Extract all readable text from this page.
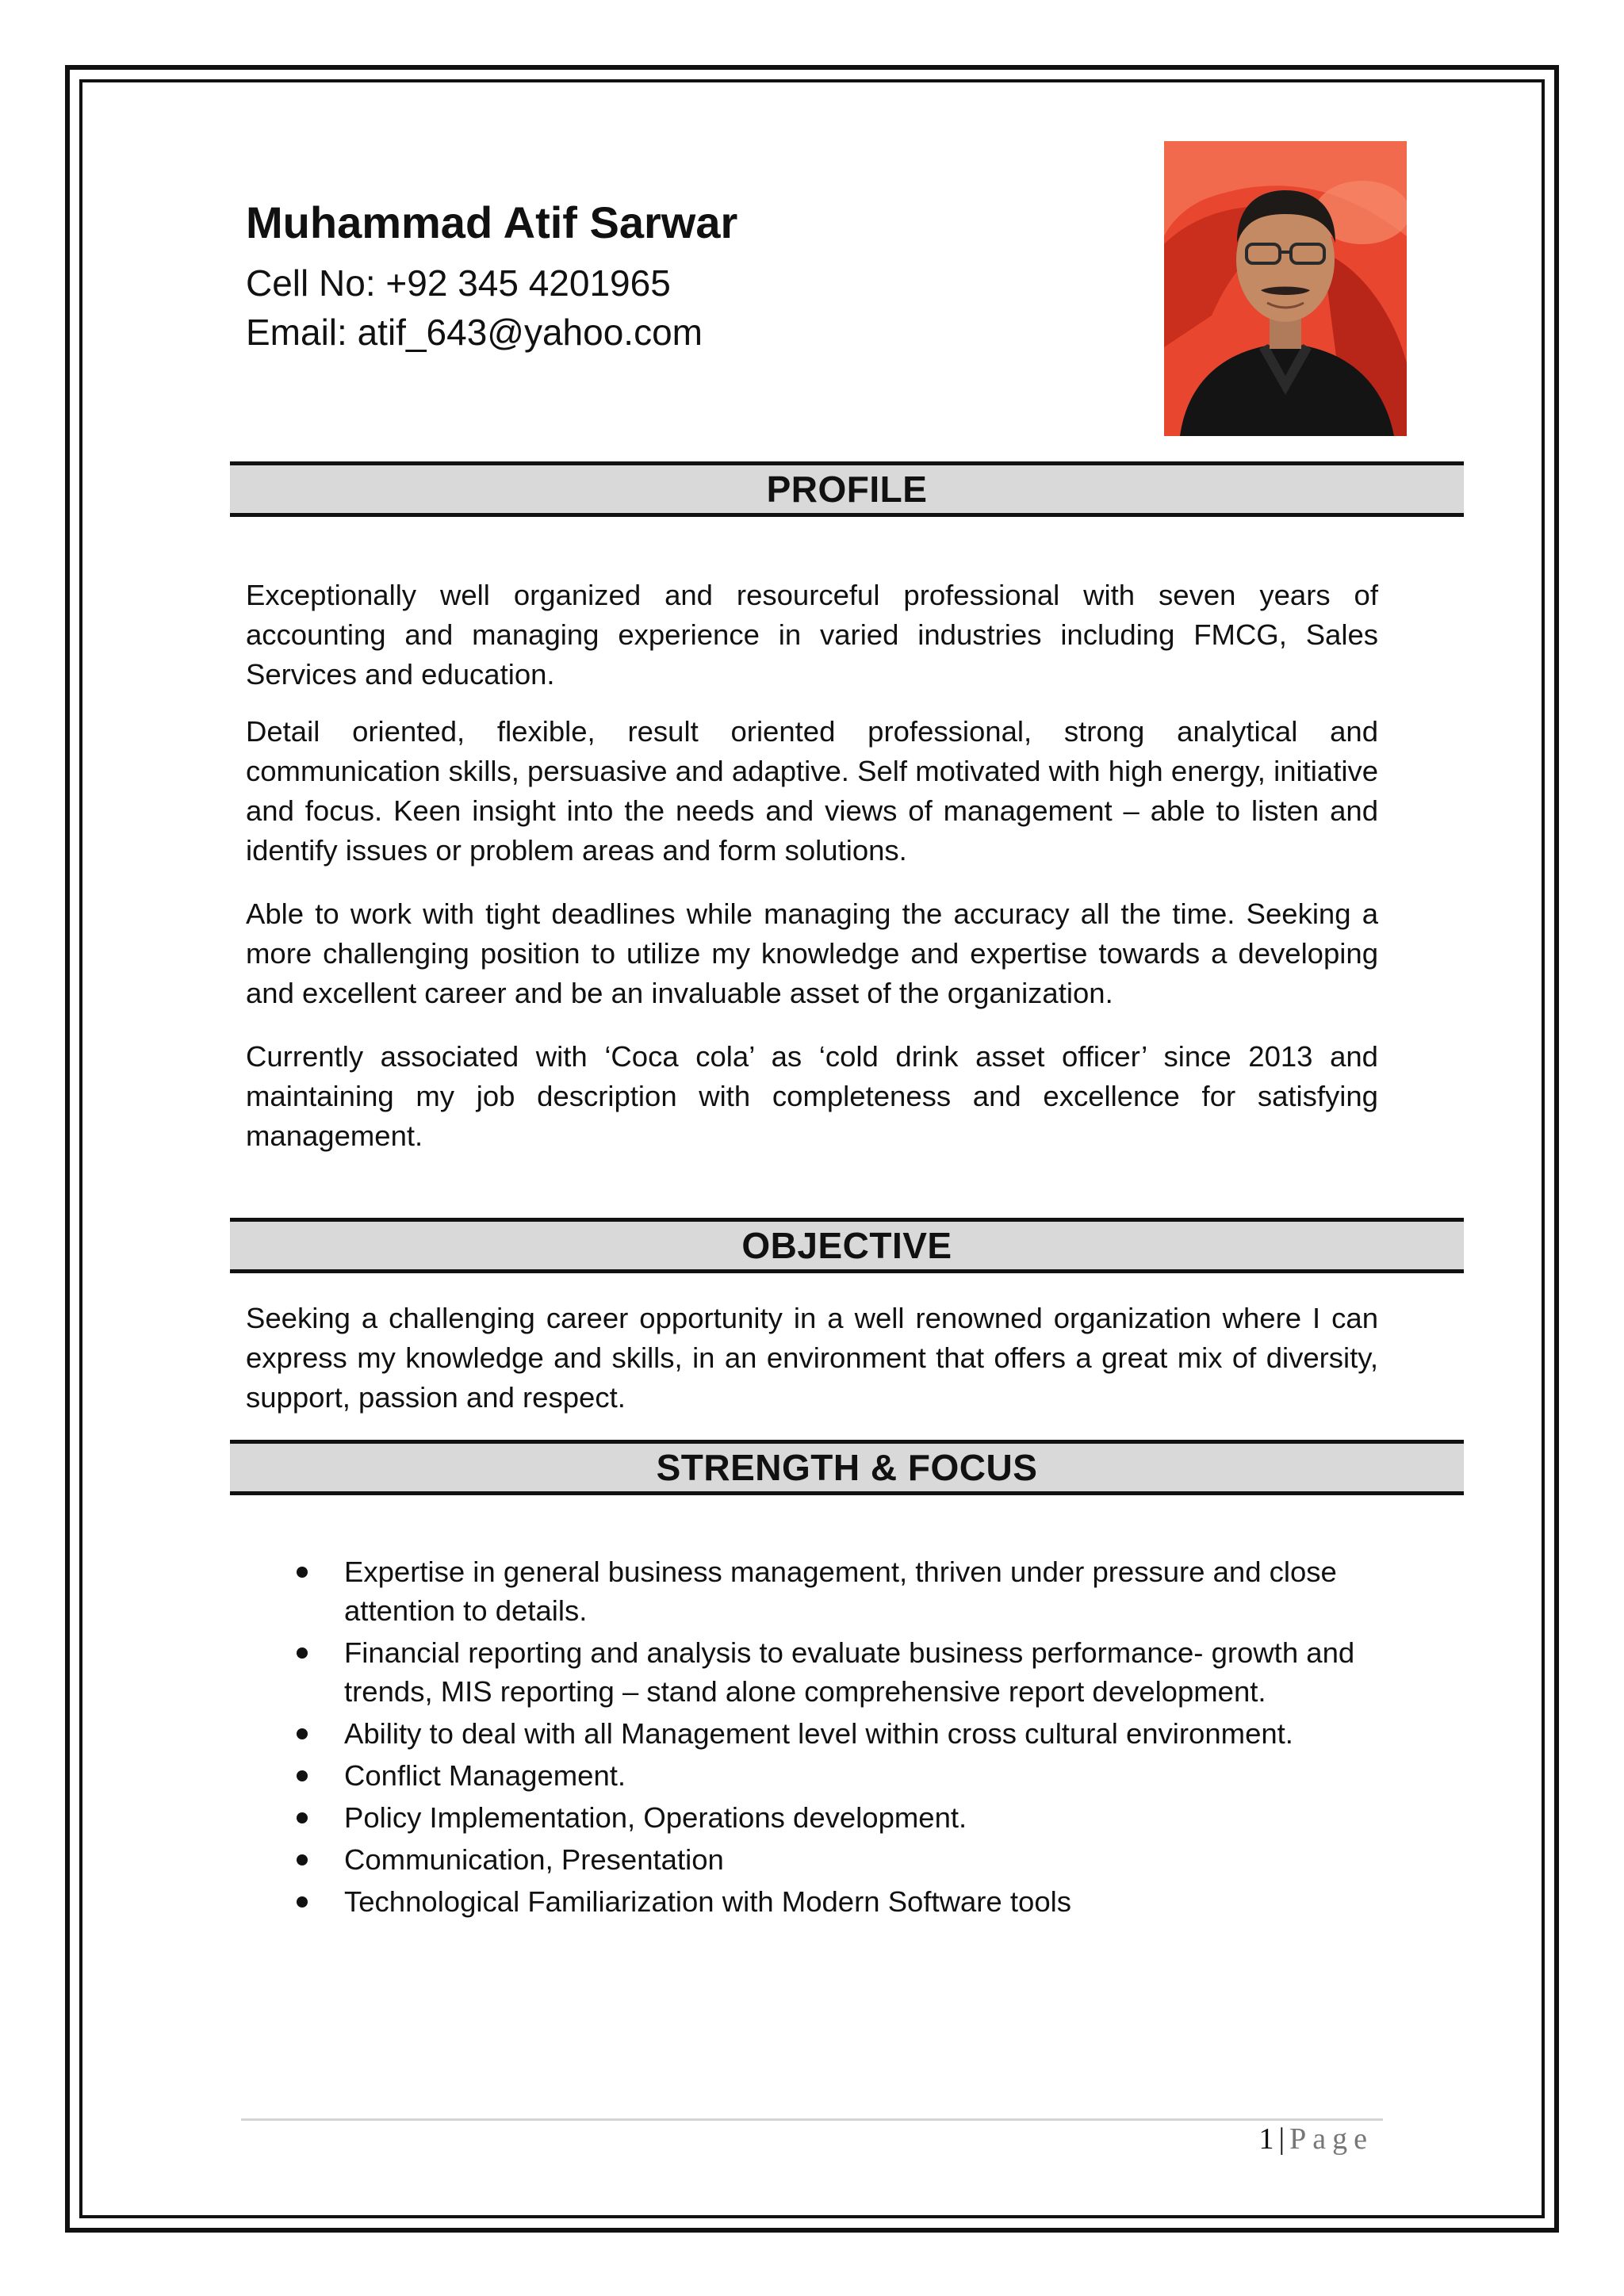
Muhammad Atif Sarwar
Cell No: +92 345 4201965
Email: atif_643@yahoo.com
PROFILE
Exceptionally well organized and resourceful professional with seven years of accounting and managing experience in varied industries including FMCG, Sales Services and education.
Detail oriented, flexible, result oriented professional, strong analytical and communication skills, persuasive and adaptive. Self motivated with high energy, initiative and focus. Keen insight into the needs and views of management – able to listen and identify issues or problem areas and form solutions.
Able to work with tight deadlines while managing the accuracy all the time. Seeking a more challenging position to utilize my knowledge and expertise towards a developing and excellent career and be an invaluable asset of the organization.
Currently associated with ‘Coca cola’ as ‘cold drink asset officer’ since 2013 and maintaining my job description with completeness and excellence for satisfying management.
OBJECTIVE
Seeking a challenging career opportunity in a well renowned organization where I can express my knowledge and skills, in an environment that offers a great mix of diversity, support, passion and respect.
STRENGTH & FOCUS
Expertise in general business management, thriven under pressure and close attention to details.
Financial reporting and analysis to evaluate business performance- growth and trends, MIS reporting – stand alone comprehensive report development.
Ability to deal with all Management level within cross cultural environment.
Conflict Management.
Policy Implementation, Operations development.
Communication, Presentation
Technological Familiarization with Modern Software tools
1 | Page
